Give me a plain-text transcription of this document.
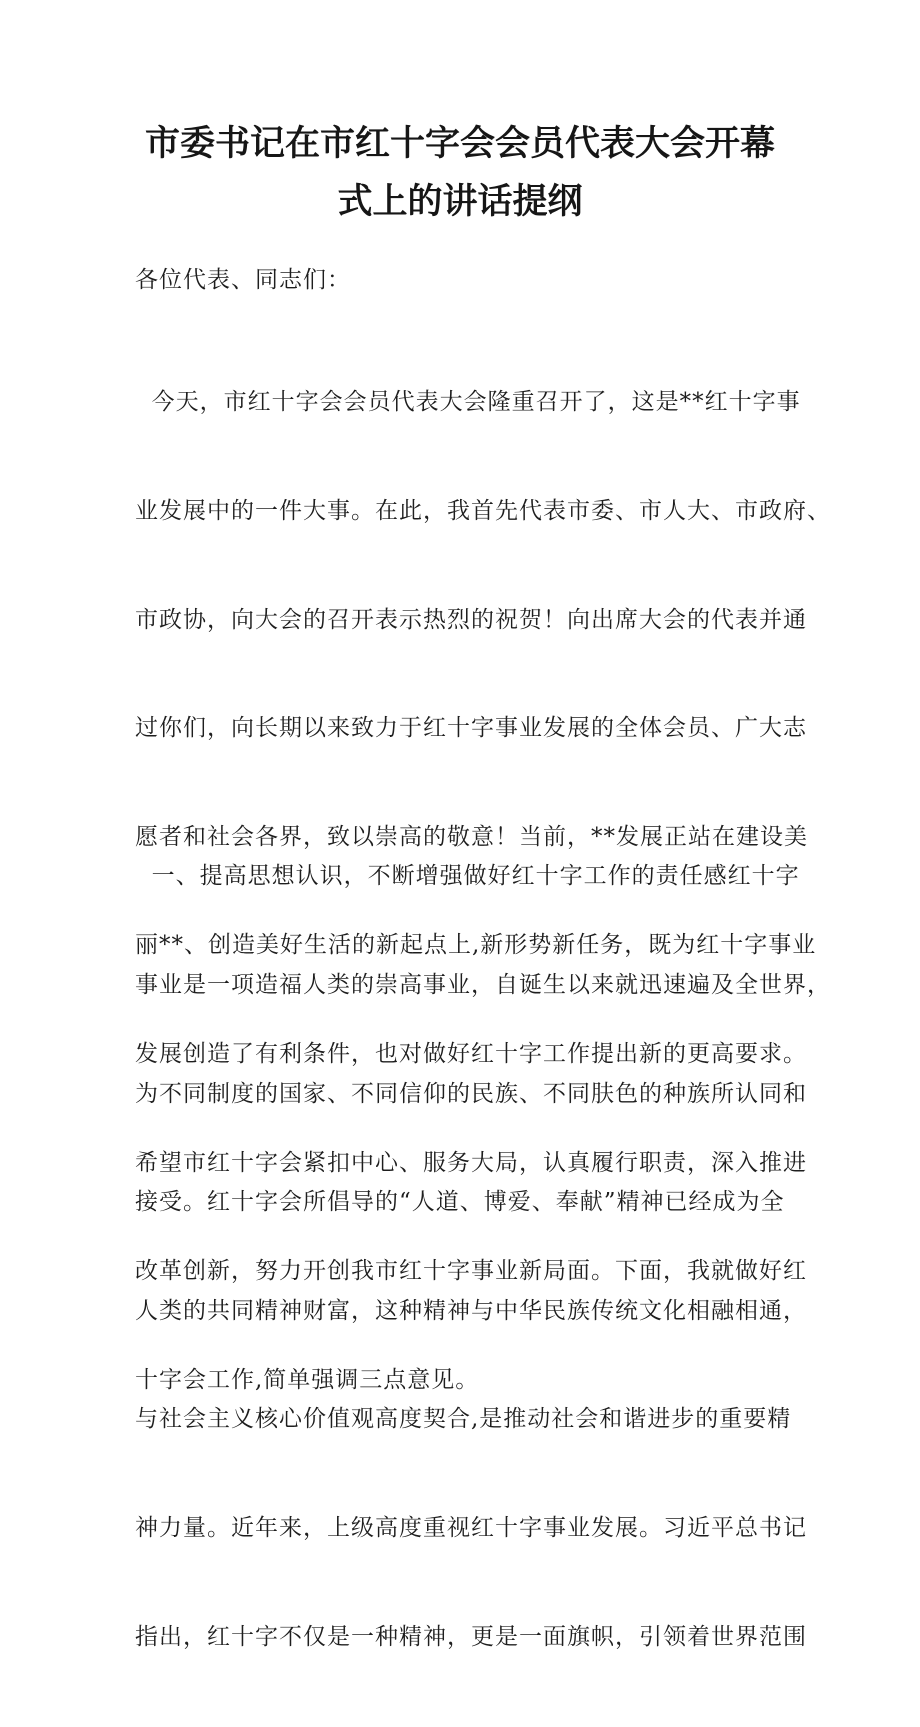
市委书记在市红十字会会员代表大会开幕
式上的讲话提纲
各位代表、同志们：

今天，市红十字会会员代表大会隆重召开了，这是**红十字事

业发展中的一件大事。在此，我首先代表市委、市人大、市政府、

市政协，向大会的召开表示热烈的祝贺！向出席大会的代表并通

过你们，向长期以来致力于红十字事业发展的全体会员、广大志

愿者和社会各界，致以崇高的敬意！当前，**发展正站在建设美

丽**、创造美好生活的新起点上,新形势新任务，既为红十字事业

发展创造了有利条件，也对做好红十字工作提出新的更高要求。

希望市红十字会紧扣中心、服务大局，认真履行职责，深入推进

改革创新，努力开创我市红十字事业新局面。下面，我就做好红

十字会工作,简单强调三点意见。

一、提高思想认识，不断增强做好红十字工作的责任感红十字

事业是一项造福人类的崇高事业，自诞生以来就迅速遍及全世界，

为不同制度的国家、不同信仰的民族、不同肤色的种族所认同和

接受。红十字会所倡导的“人道、博爱、奉献”精神已经成为全

人类的共同精神财富，这种精神与中华民族传统文化相融相通，

与社会主义核心价值观高度契合,是推动社会和谐进步的重要精

神力量。近年来，上级高度重视红十字事业发展。习近平总书记

指出，红十字不仅是一种精神，更是一面旗帜，引领着世界范围
